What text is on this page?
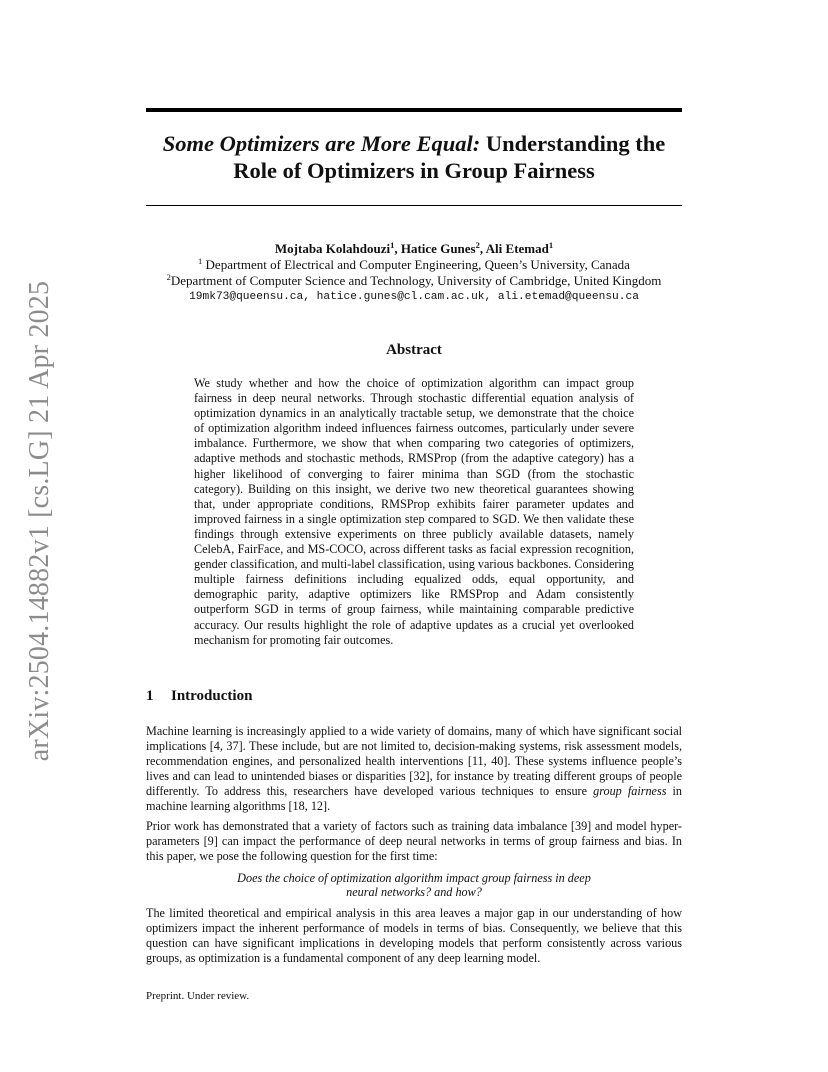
arXiv:2504.14882v1 [cs.LG] 21 Apr 2025
Some Optimizers are More Equal: Understanding the
Role of Optimizers in Group Fairness
Mojtaba Kolahdouzi$^1$, Hatice Gunes$^2$, Ali Etemad$^1$
$^1$ Department of Electrical and Computer Engineering, Queen’s University, Canada
$^2$Department of Computer Science and Technology, University of Cambridge, United Kingdom
19mk73@queensu.ca, hatice.gunes@cl.cam.ac.uk, ali.etemad@queensu.ca
Abstract
We study whether and how the choice of optimization algorithm can impact group fairness in deep neural networks. Through stochastic differential equation analysis of optimization dynamics in an analytically tractable setup, we demonstrate that the choice of optimization algorithm indeed influences fairness outcomes, particularly under severe imbalance. Furthermore, we show that when comparing two categories of optimizers, adaptive methods and stochastic methods, RMSProp (from the adaptive category) has a higher likelihood of converging to fairer minima than SGD (from the stochastic category). Building on this insight, we derive two new theoretical guarantees showing that, under appropriate conditions, RMSProp exhibits fairer parameter updates and improved fairness in a single optimization step compared to SGD. We then validate these findings through extensive experiments on three publicly available datasets, namely CelebA, FairFace, and MS-COCO, across different tasks as facial expression recognition, gender classification, and multi-label classification, using various backbones. Considering multiple fairness definitions including equalized odds, equal opportunity, and demographic parity, adaptive optimizers like RMSProp and Adam consistently outperform SGD in terms of group fairness, while maintaining comparable predictive accuracy. Our results highlight the role of adaptive updates as a crucial yet overlooked mechanism for promoting fair outcomes.
1 Introduction
Machine learning is increasingly applied to a wide variety of domains, many of which have significant social implications [4, 37]. These include, but are not limited to, decision-making systems, risk assessment models, recommendation engines, and personalized health interventions [11, 40]. These systems influence people’s lives and can lead to unintended biases or disparities [32], for instance by treating different groups of people differently. To address this, researchers have developed various techniques to ensure group fairness in machine learning algorithms [18, 12].
Prior work has demonstrated that a variety of factors such as training data imbalance [39] and model hyper-parameters [9] can impact the performance of deep neural networks in terms of group fairness and bias. In this paper, we pose the following question for the first time:
Does the choice of optimization algorithm impact group fairness in deep
neural networks? and how?
The limited theoretical and empirical analysis in this area leaves a major gap in our understanding of how optimizers impact the inherent performance of models in terms of bias. Consequently, we believe that this question can have significant implications in developing models that perform consistently across various groups, as optimization is a fundamental component of any deep learning model.
Preprint. Under review.
